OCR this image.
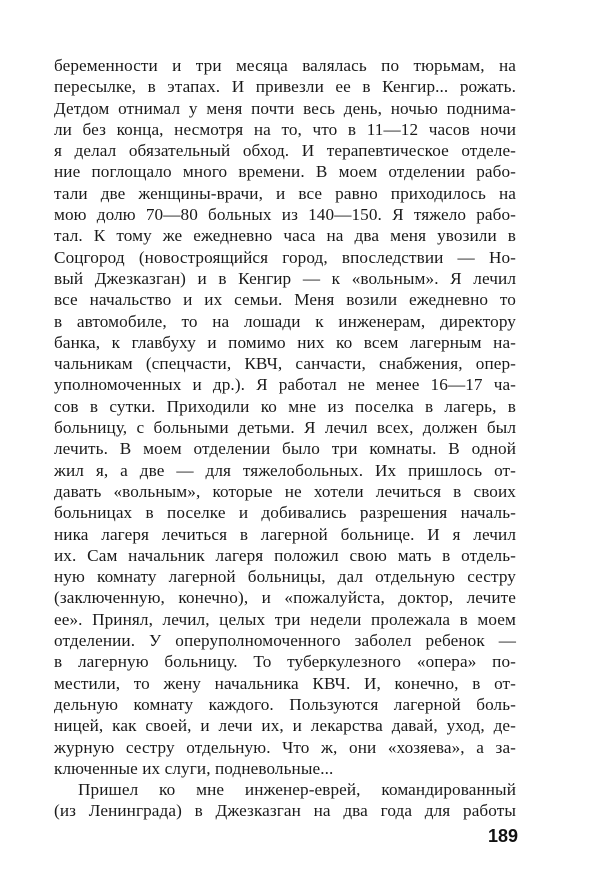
беременности и три месяца валялась по тюрьмам, на
пересылке, в этапах. И привезли ее в Кенгир... рожать.
Детдом отнимал у меня почти весь день, ночью поднима-
ли без конца, несмотря на то, что в 11—12 часов ночи
я делал обязательный обход. И терапевтическое отделе-
ние поглощало много времени. В моем отделении рабо-
тали две женщины-врачи, и все равно приходилось на
мою долю 70—80 больных из 140—150. Я тяжело рабо-
тал. К тому же ежедневно часа на два меня увозили в
Соцгород (новостроящийся город, впоследствии — Но-
вый Джезказган) и в Кенгир — к «вольным». Я лечил
все начальство и их семьи. Меня возили ежедневно то
в автомобиле, то на лошади к инженерам, директору
банка, к главбуху и помимо них ко всем лагерным на-
чальникам (спецчасти, КВЧ, санчасти, снабжения, опер-
уполномоченных и др.). Я работал не менее 16—17 ча-
сов в сутки. Приходили ко мне из поселка в лагерь, в
больницу, с больными детьми. Я лечил всех, должен был
лечить. В моем отделении было три комнаты. В одной
жил я, а две — для тяжелобольных. Их пришлось от-
давать «вольным», которые не хотели лечиться в своих
больницах в поселке и добивались разрешения началь-
ника лагеря лечиться в лагерной больнице. И я лечил
их. Сам начальник лагеря положил свою мать в отдель-
ную комнату лагерной больницы, дал отдельную сестру
(заключенную, конечно), и «пожалуйста, доктор, лечите
ее». Принял, лечил, целых три недели пролежала в моем
отделении. У оперуполномоченного заболел ребенок —
в лагерную больницу. То туберкулезного «опера» по-
местили, то жену начальника КВЧ. И, конечно, в от-
дельную комнату каждого. Пользуются лагерной боль-
ницей, как своей, и лечи их, и лекарства давай, уход, де-
журную сестру отдельную. Что ж, они «хозяева», а за-
ключенные их слуги, подневольные...
Пришел ко мне инженер-еврей, командированный
(из Ленинграда) в Джезказган на два года для работы
189
